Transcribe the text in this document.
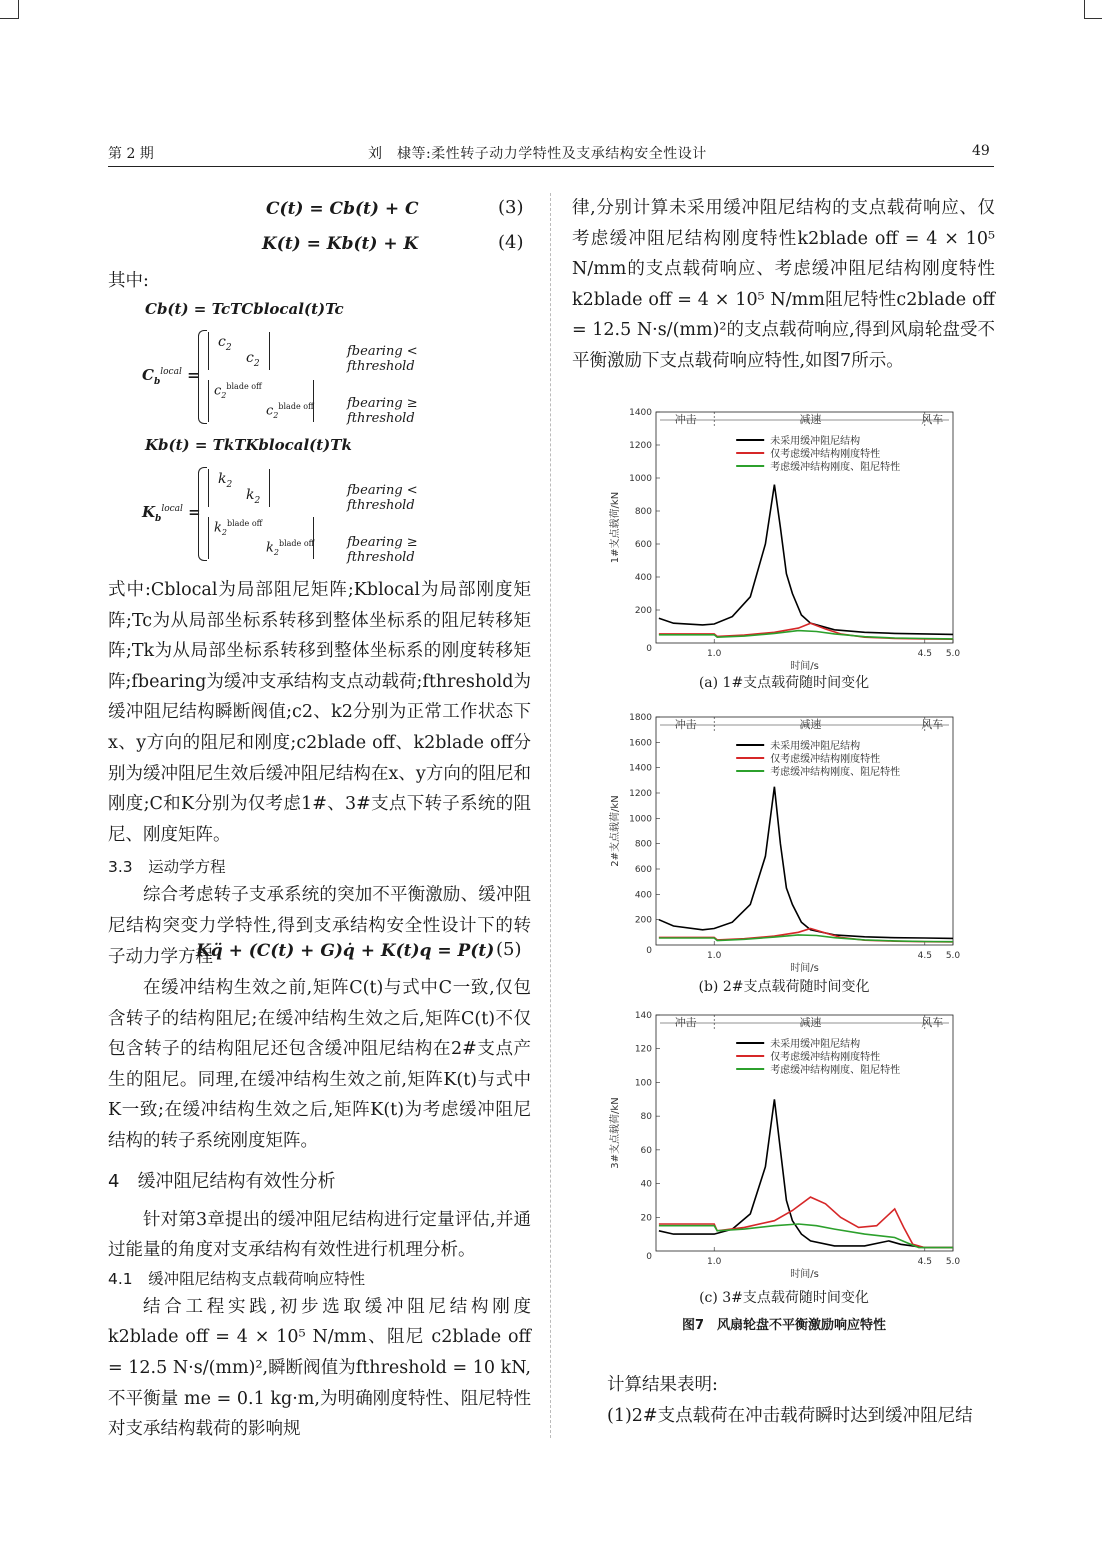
第 2 期	刘　棣等:柔性转子动力学特性及支承结构安全性设计	49
C(t) = Cb(t) + C	(3)
K(t) = Kb(t) + K	(4)
其中:
Cb(t) = TcTCblocal(t)Tc
$C_b^{local}$ =
$c_2$
$c_2$
fbearing < fthreshold
$c_2^{blade off}$
$c_2^{blade off}$	fbearing ≥ fthreshold
Kb(t) = TkTKblocal(t)Tk
$K_b^{local}$ =
$k_2$
$k_2$
fbearing < fthreshold
$k_2^{blade off}$
$k_2^{blade off}$	fbearing ≥ fthreshold

式中:Cblocal为局部阻尼矩阵;Kblocal为局部刚度矩阵;Tc为从局部坐标系转移到整体坐标系的阻尼转移矩阵;Tk为从局部坐标系转移到整体坐标系的刚度转移矩阵;fbearing为缓冲支承结构支点动载荷;fthreshold为缓冲阻尼结构瞬断阀值;c2、k2分别为正常工作状态下x、y方向的阻尼和刚度;c2blade off、k2blade off分别为缓冲阻尼生效后缓冲阻尼结构在x、y方向的阻尼和刚度;C和K分别为仅考虑1#、3#支点下转子系统的阻尼、刚度矩阵。

3.3　运动学方程

综合考虑转子支承系统的突加不平衡激励、缓冲阻尼结构突变力学特性,得到支承结构安全性设计下的转子动力学方程

Kq̈ + (C(t) + G)q̇ + K(t)q = P(t) (5)

在缓冲结构生效之前,矩阵C(t)与式中C一致,仅包含转子的结构阻尼;在缓冲结构生效之后,矩阵C(t)不仅包含转子的结构阻尼还包含缓冲阻尼结构在2#支点产生的阻尼。同理,在缓冲结构生效之前,矩阵K(t)与式中K一致;在缓冲结构生效之后,矩阵K(t)为考虑缓冲阻尼结构的转子系统刚度矩阵。

4　缓冲阻尼结构有效性分析

针对第3章提出的缓冲阻尼结构进行定量评估,并通过能量的角度对支承结构有效性进行机理分析。

4.1　缓冲阻尼结构支点载荷响应特性

结合工程实践,初步选取缓冲阻尼结构刚度k2blade off = 4 × 10⁵ N/mm、阻尼 c2blade off = 12.5 N·s/(mm)²,瞬断阀值为fthreshold = 10 kN,不平衡量 me = 0.1 kg·m,为明确刚度特性、阻尼特性对支承结构载荷的影响规

律,分别计算未采用缓冲阻尼结构的支点载荷响应、仅考虑缓冲阻尼结构刚度特性k2blade off = 4 × 10⁵ N/mm的支点载荷响应、考虑缓冲阻尼结构刚度特性k2blade off = 4 × 10⁵ N/mm阻尼特性c2blade off = 12.5 N·s/(mm)²的支点载荷响应,得到风扇轮盘受不平衡激励下支点载荷响应特性,如图7所示。

冲击	减速	风车
200
400
600
800
1000
1200
1400
0	1.0	4.5 5.0
时间/s
1#支点载荷/kN
未采用缓冲阻尼结构
仅考虑缓冲结构刚度特性
考虑缓冲结构刚度、阻尼特性
冲击	减速	风车
200
400
600
800
1000
1200
1400
1600
1800
0	1.0	4.5 5.0
时间/s
2#支点载荷/kN
未采用缓冲阻尼结构
仅考虑缓冲结构刚度特性
考虑缓冲结构刚度、阻尼特性
冲击	减速	风车
20
40
60
80
100
120
140
0	1.0	4.5 5.0
时间/s
3#支点载荷/kN
未采用缓冲阻尼结构
仅考虑缓冲结构刚度特性
考虑缓冲结构刚度、阻尼特性
(a) 1#支点载荷随时间变化
(b) 2#支点载荷随时间变化
(c) 3#支点载荷随时间变化
图7　风扇轮盘不平衡激励响应特性

计算结果表明:

(1)2#支点载荷在冲击载荷瞬时达到缓冲阻尼结
